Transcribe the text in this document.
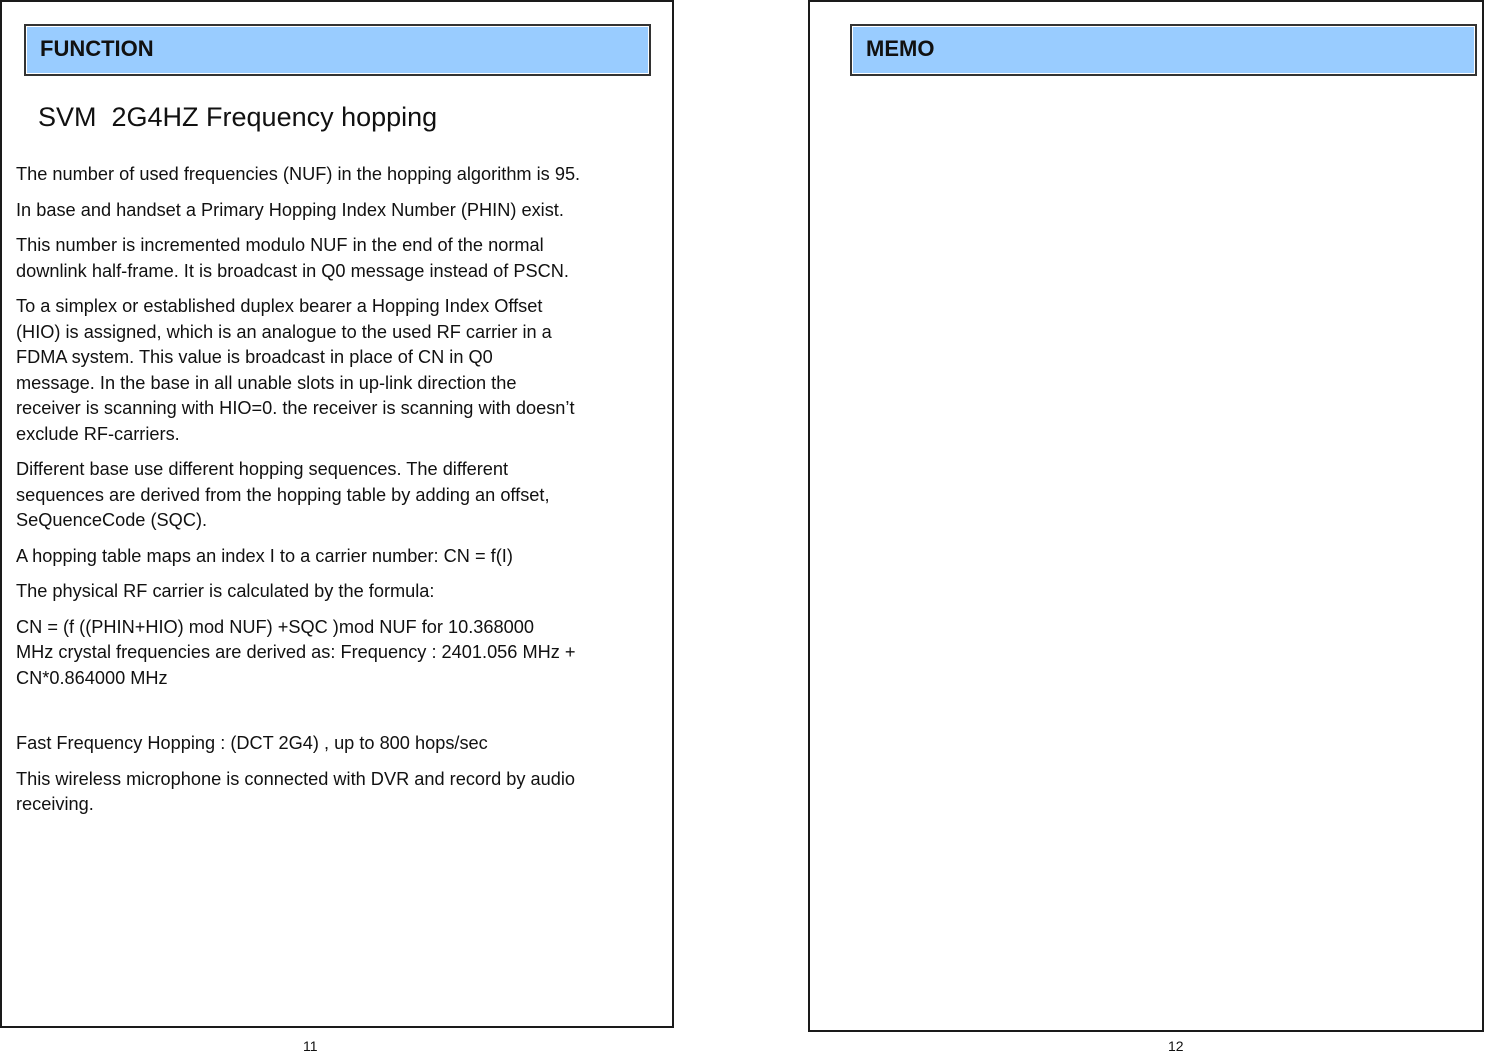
FUNCTION
SVM  2G4HZ Frequency hopping

The number of used frequencies (NUF) in the hopping algorithm is 95.

In base and handset a Primary Hopping Index Number (PHIN) exist.

This number is incremented modulo NUF in the end of the normal
downlink half-frame. It is broadcast in Q0 message instead of PSCN.

To a simplex or established duplex bearer a Hopping Index Offset
(HIO) is assigned, which is an analogue to the used RF carrier in a
FDMA system. This value is broadcast in place of CN in Q0
message. In the base in all unable slots in up-link direction the
receiver is scanning with HIO=0. the receiver is scanning with doesn’t
exclude RF-carriers.

Different base use different hopping sequences. The different
sequences are derived from the hopping table by adding an offset,
SeQuenceCode (SQC).

A hopping table maps an index I to a carrier number: CN = f(I)

The physical RF carrier is calculated by the formula:

CN = (f ((PHIN+HIO) mod NUF) +SQC )mod NUF for 10.368000
MHz crystal frequencies are derived as: Frequency : 2401.056 MHz +
CN*0.864000 MHz

Fast Frequency Hopping : (DCT 2G4) , up to 800 hops/sec

This wireless microphone is connected with DVR and record by audio
receiving.

11
MEMO
12
